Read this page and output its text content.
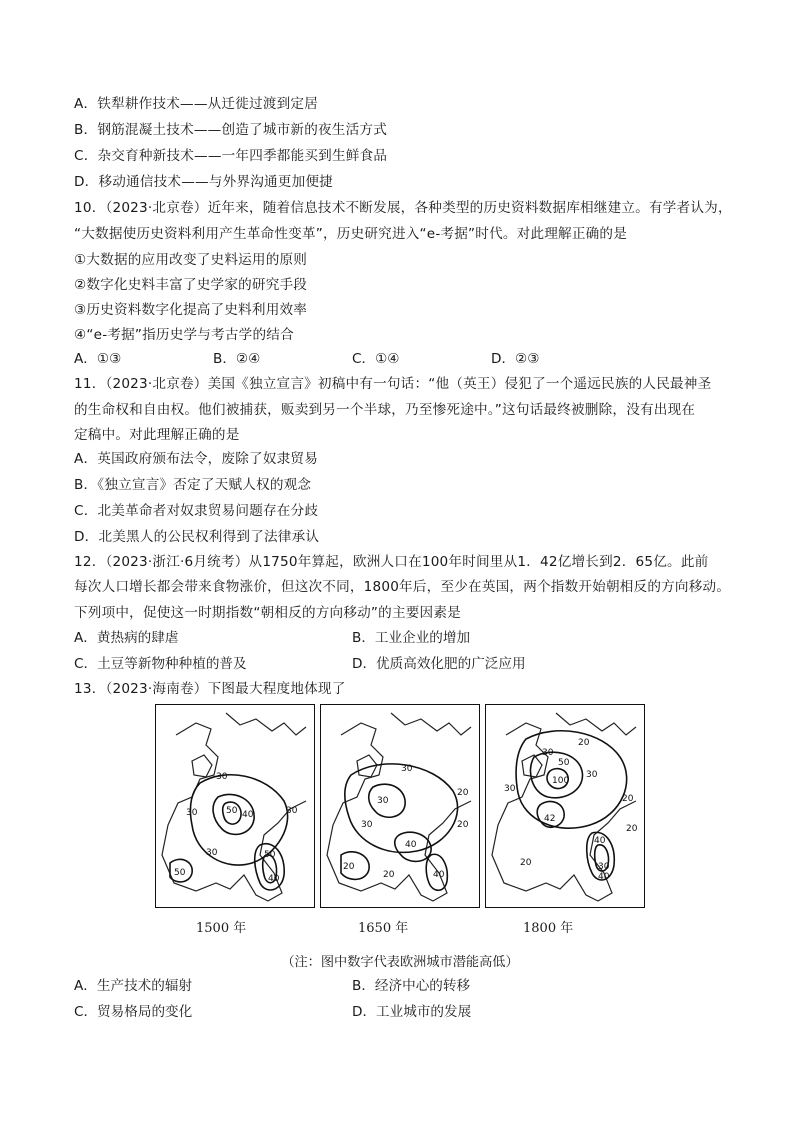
A．铁犁耕作技术——从迁徙过渡到定居
B．钢筋混凝土技术——创造了城市新的夜生活方式
C．杂交育种新技术——一年四季都能买到生鲜食品
D．移动通信技术——与外界沟通更加便捷
10．（2023·北京卷）近年来，随着信息技术不断发展，各种类型的历史资料数据库相继建立。有学者认为，
“大数据使历史资料利用产生革命性变革”，历史研究进入“e-考据”时代。对此理解正确的是
①大数据的应用改变了史料运用的原则
②数字化史料丰富了史学家的研究手段
③历史资料数字化提高了史料利用效率
④“e-考据”指历史学与考古学的结合
A．①③	B．②④	C．①④	D．②③
11．（2023·北京卷）美国《独立宣言》初稿中有一句话：“他（英王）侵犯了一个遥远民族的人民最神圣
的生命权和自由权。他们被捕获，贩卖到另一个半球，乃至惨死途中。”这句话最终被删除，没有出现在
定稿中。对此理解正确的是
A．英国政府颁布法令，废除了奴隶贸易
B．《独立宣言》否定了天赋人权的观念
C．北美革命者对奴隶贸易问题存在分歧
D．北美黑人的公民权利得到了法律承认
12．（2023·浙江·6月统考）从1750年算起，欧洲人口在100年时间里从1．42亿增长到2．65亿。此前
每次人口增长都会带来食物涨价，但这次不同，1800年后，至少在英国，两个指数开始朝相反的方向移动。
下列项中，促使这一时期指数“朝相反的方向移动”的主要因素是
A．黄热病的肆虐	B．工业企业的增加
C．土豆等新物种种植的普及	D．优质高效化肥的广泛应用
13．（2023·海南卷）下图最大程度地体现了
30
30	50 40	30
30
50
50
40
30
30
20
20
30
40
40
20
20
20
30
50
100
30
30
20
20
42
40
30
40
20
1500 年	1650 年	1800 年
（注：图中数字代表欧洲城市潜能高低）
A．生产技术的辐射	B．经济中心的转移
C．贸易格局的变化	D．工业城市的发展
